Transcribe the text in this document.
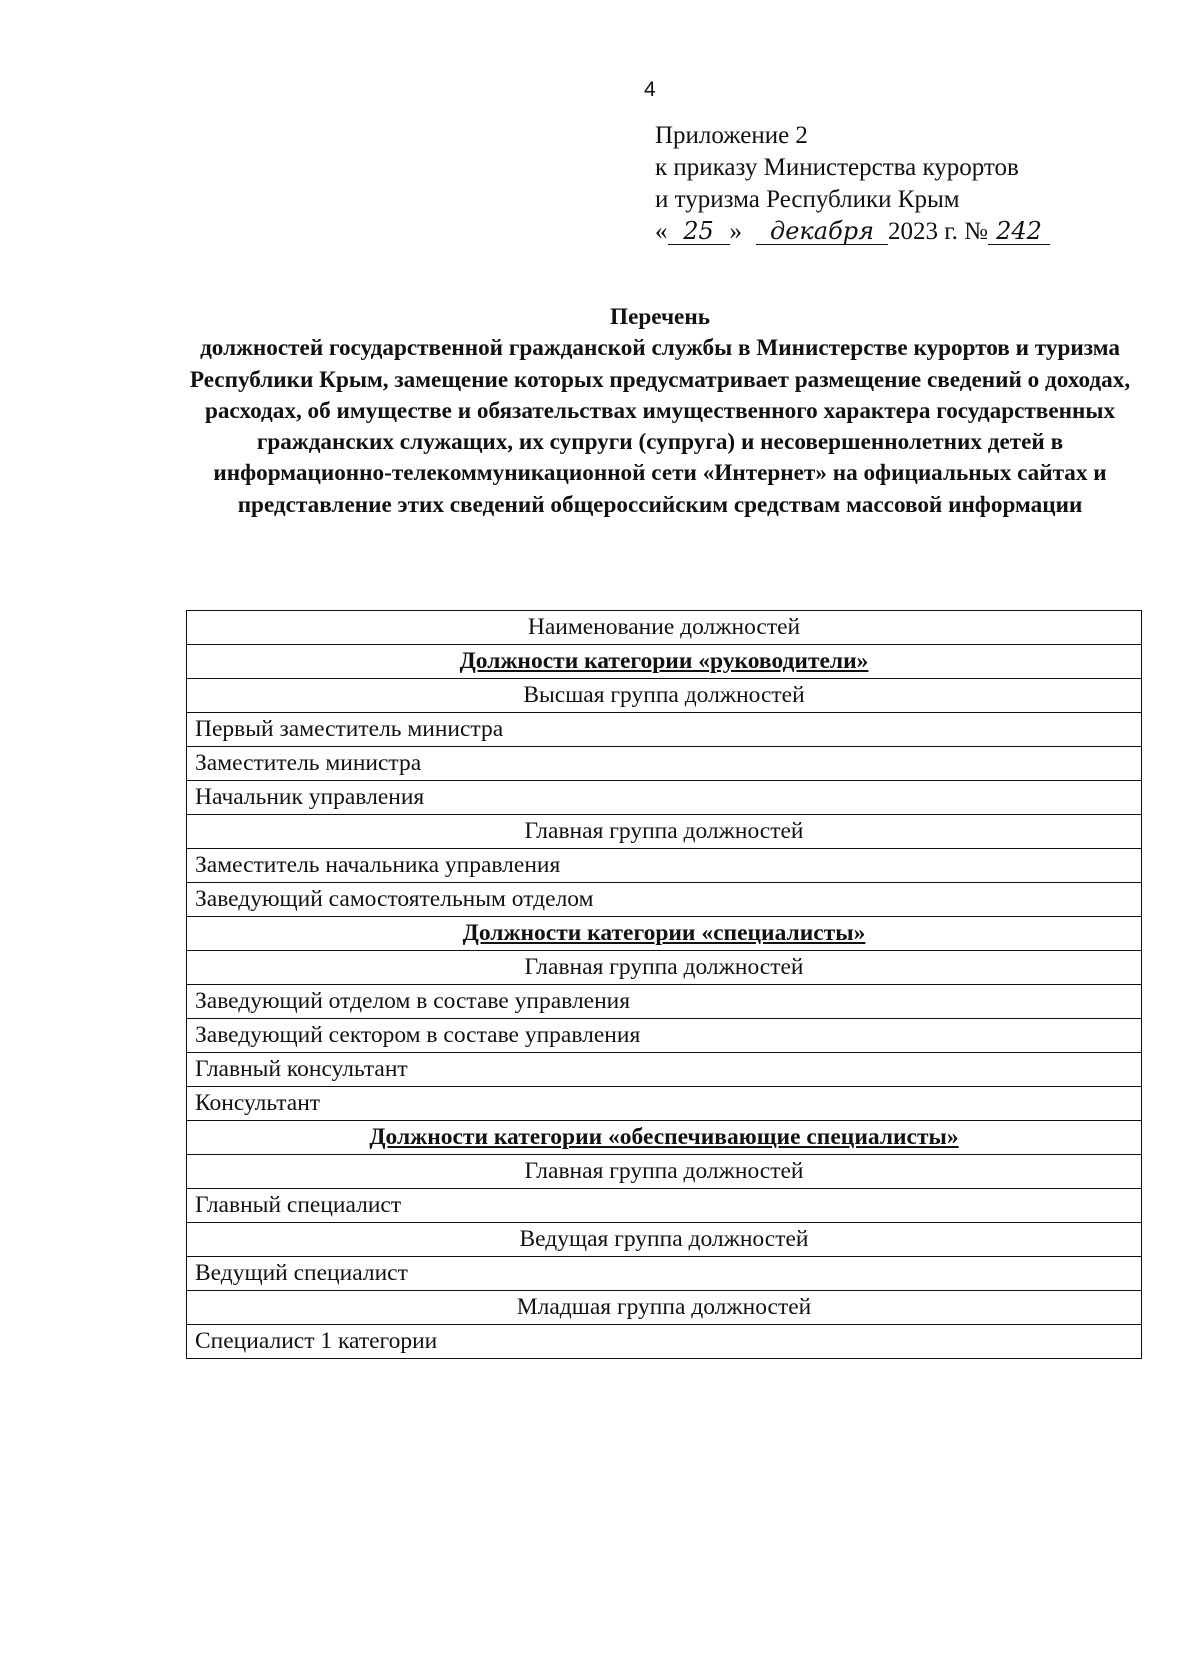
4
Приложение 2
к приказу Министерства курортов
и туризма Республики Крым
« 25 » декабря 2023 г. № 242
Перечень
должностей государственной гражданской службы в Министерстве курортов и туризма Республики Крым, замещение которых предусматривает размещение сведений о доходах, расходах, об имуществе и обязательствах имущественного характера государственных гражданских служащих, их супруги (супруга) и несовершеннолетних детей в информационно-телекоммуникационной сети «Интернет» на официальных сайтах и представление этих сведений общероссийским средствам массовой информации
Наименование должностей
Должности категории «руководители»
Высшая группа должностей
Первый заместитель министра
Заместитель министра
Начальник управления
Главная группа должностей
Заместитель начальника управления
Заведующий самостоятельным отделом
Должности категории «специалисты»
Главная группа должностей
Заведующий отделом в составе управления
Заведующий сектором в составе управления
Главный консультант
Консультант
Должности категории «обеспечивающие специалисты»
Главная группа должностей
Главный специалист
Ведущая группа должностей
Ведущий специалист
Младшая группа должностей
Специалист 1 категории
